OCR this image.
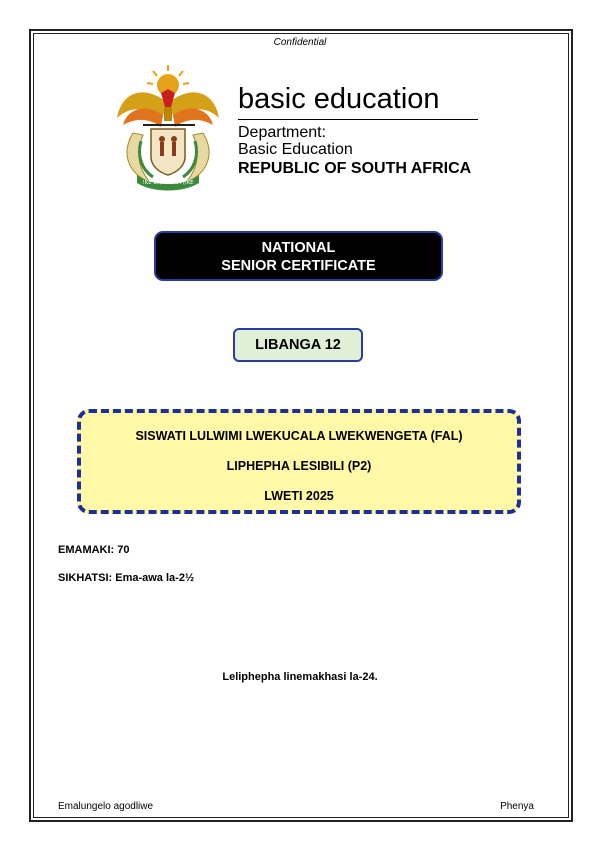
Confidential
!KE E: /XARRA //KE
basic education
Department:
Basic Education
REPUBLIC OF SOUTH AFRICA
NATIONAL
SENIOR CERTIFICATE
LIBANGA 12
SISWATI LULWIMI LWEKUCALA LWEKWENGETA (FAL)
LIPHEPHA LESIBILI (P2)
LWETI 2025
EMAMAKI: 70
SIKHATSI: Ema-awa la-2½
Leliphepha linemakhasi la-24.
Emalungelo agodliwe	Phenya
